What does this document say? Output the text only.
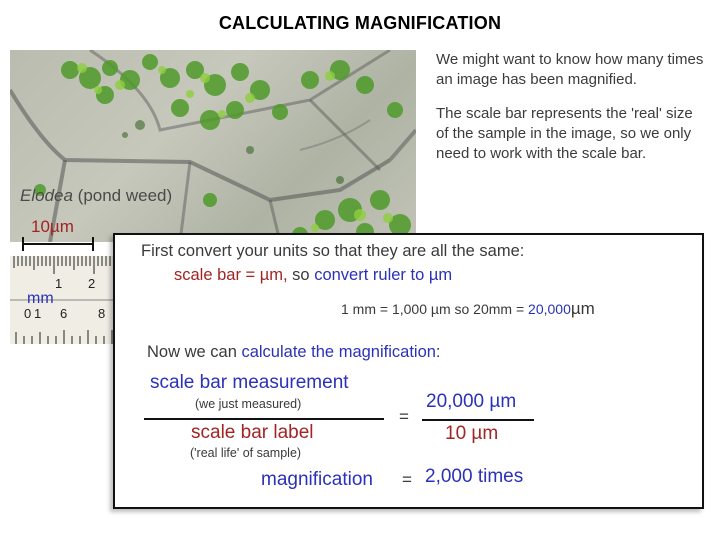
CALCULATING MAGNIFICATION

We might want to know how many times an image has been magnified.

The scale bar represents the 'real' size of the sample in the image, so we only need to work with the scale bar.

Elodea (pond weed)
10µm
1 2
0 1 6 8
mm
First convert your units so that they are all the same:
scale bar = µm, so convert ruler to µm
1 mm = 1,000 µm so 20mm = 20,000µm
Now we can calculate the magnification:
scale bar measurement
(we just measured)
scale bar label
('real life' of sample)
=
20,000 µm
10 µm
magnification = 2,000 times
